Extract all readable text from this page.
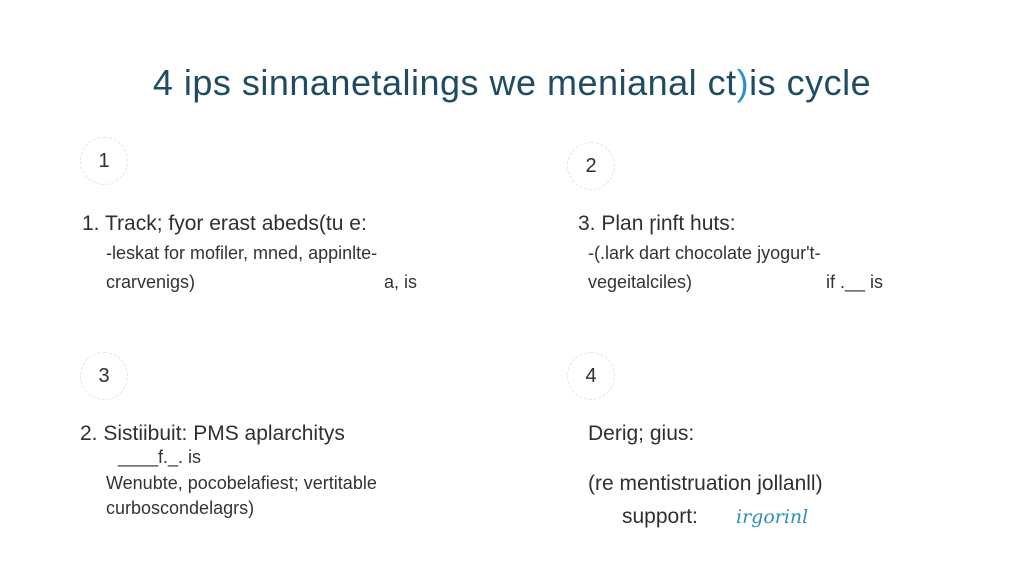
4 ips sinnanetalings we menianal ct)is cycle
1
1. Track; fyor erast abeds(tu e:
-leskat for mofiler, mned, appinlte-
crarvenigs)	a, is
2
3. Plan ɼinft huts:
-(.lark dart chocolate jyogur't-
vegeitalciles)	if .__ is
3
2. Sistiibuit: PMS aplarchitys
____f._. is
Wenubte, pocobelafiest; vertitable
curboscondelagrs)
4
Derig; gius:
(re mentistruation jollanll)
support: irgorinl
